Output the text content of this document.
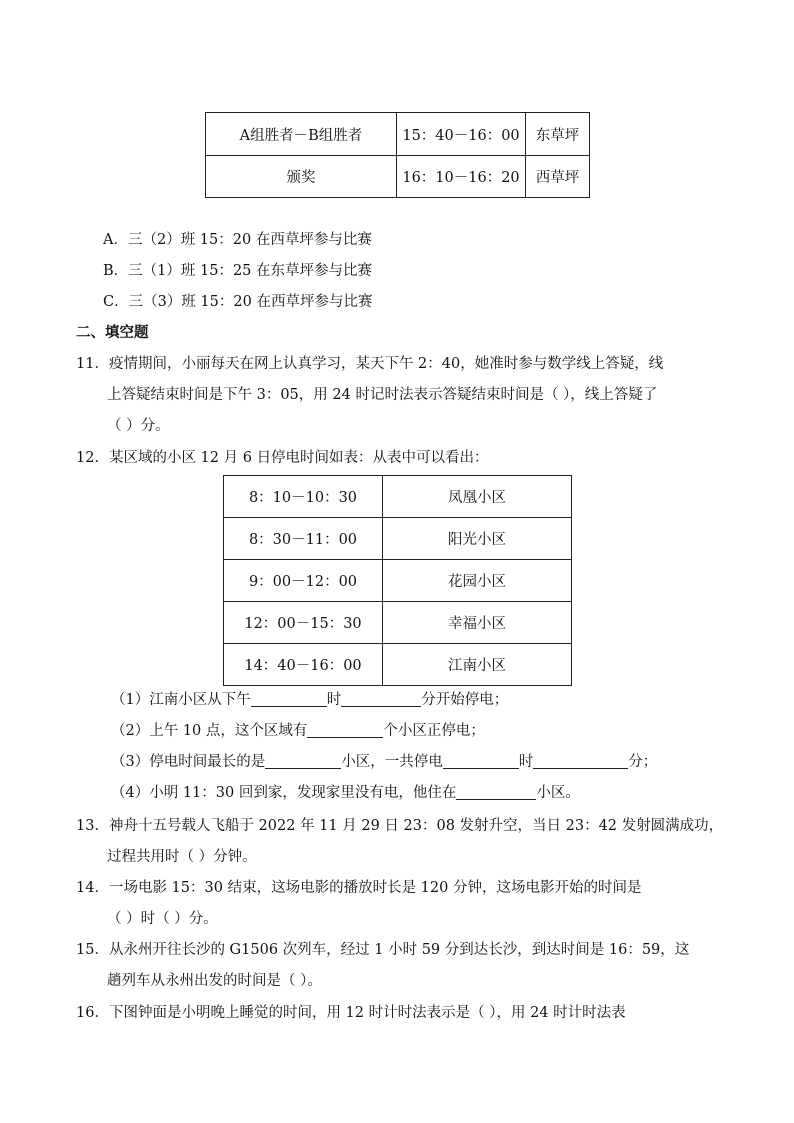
A组胜者－B组胜者	15：40－16：00	东草坪
颁奖	16：10－16：20	西草坪
A．三（2）班 15：20 在西草坪参与比赛
B．三（1）班 15：25 在东草坪参与比赛
C．三（3）班 15：20 在西草坪参与比赛
二、填空题
11．疫情期间，小丽每天在网上认真学习，某天下午 2：40，她准时参与数学线上答疑，线
上答疑结束时间是下午 3：05，用 24 时记时法表示答疑结束时间是（ ），线上答疑了
（ ）分。
12．某区域的小区 12 月 6 日停电时间如表：从表中可以看出：
8：10－10：30	凤凰小区
8：30－11：00	阳光小区
9：00－12：00	花园小区
12：00－15：30	幸福小区
14：40－16：00	江南小区
（1）江南小区从下午	时	分开始停电；
（2）上午 10 点，这个区域有	个小区正停电；
（3）停电时间最长的是	小区，一共停电	时	分；
（4）小明 11：30 回到家，发现家里没有电，他住在	小区。
13．神舟十五号载人飞船于 2022 年 11 月 29 日 23：08 发射升空，当日 23：42 发射圆满成功，
过程共用时（ ）分钟。
14．一场电影 15：30 结束，这场电影的播放时长是 120 分钟，这场电影开始的时间是
（ ）时（ ）分。
15．从永州开往长沙的 G1506 次列车，经过 1 小时 59 分到达长沙，到达时间是 16：59，这
趟列车从永州出发的时间是（ ）。
16．下图钟面是小明晚上睡觉的时间，用 12 时计时法表示是（ ），用 24 时计时法表
